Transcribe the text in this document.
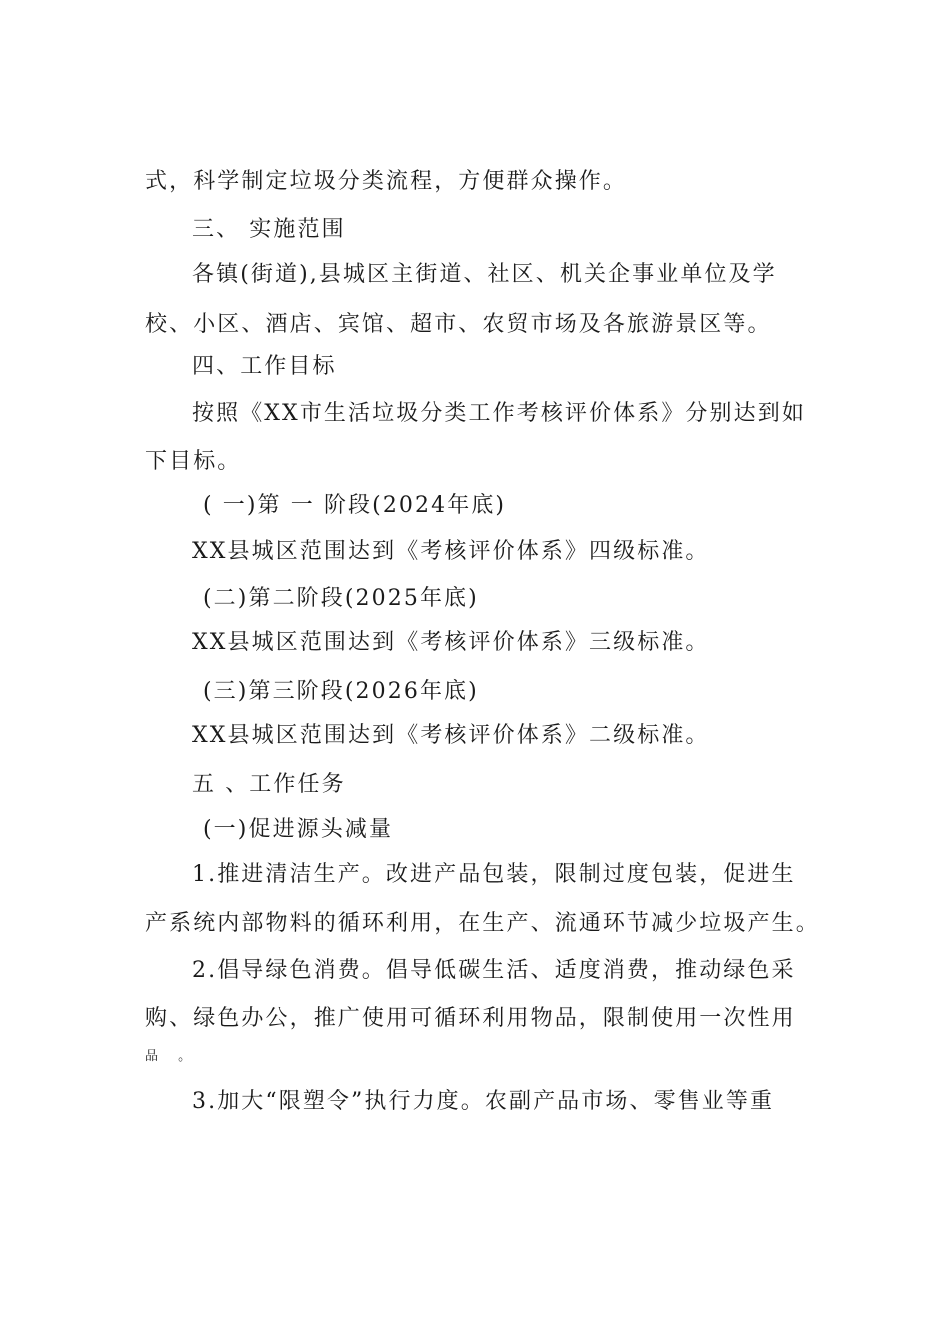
式，科学制定垃圾分类流程，方便群众操作。
三、 实施范围
各镇(街道),县城区主街道、社区、机关企事业单位及学
校、小区、酒店、宾馆、超市、农贸市场及各旅游景区等。
四、工作目标
按照《XX市生活垃圾分类工作考核评价体系》分别达到如
下目标。
( 一)第 一 阶段(2024年底)
XX县城区范围达到《考核评价体系》四级标准。
(二)第二阶段(2025年底)
XX县城区范围达到《考核评价体系》三级标准。
(三)第三阶段(2026年底)
XX县城区范围达到《考核评价体系》二级标准。
五 、工作任务
(一)促进源头减量
1.推进清洁生产。改进产品包装，限制过度包装，促进生
产系统内部物料的循环利用，在生产、流通环节减少垃圾产生。
2.倡导绿色消费。倡导低碳生活、适度消费，推动绿色采
购、绿色办公，推广使用可循环利用物品，限制使用一次性用
品 。
3.加大“限塑令”执行力度。农副产品市场、零售业等重
